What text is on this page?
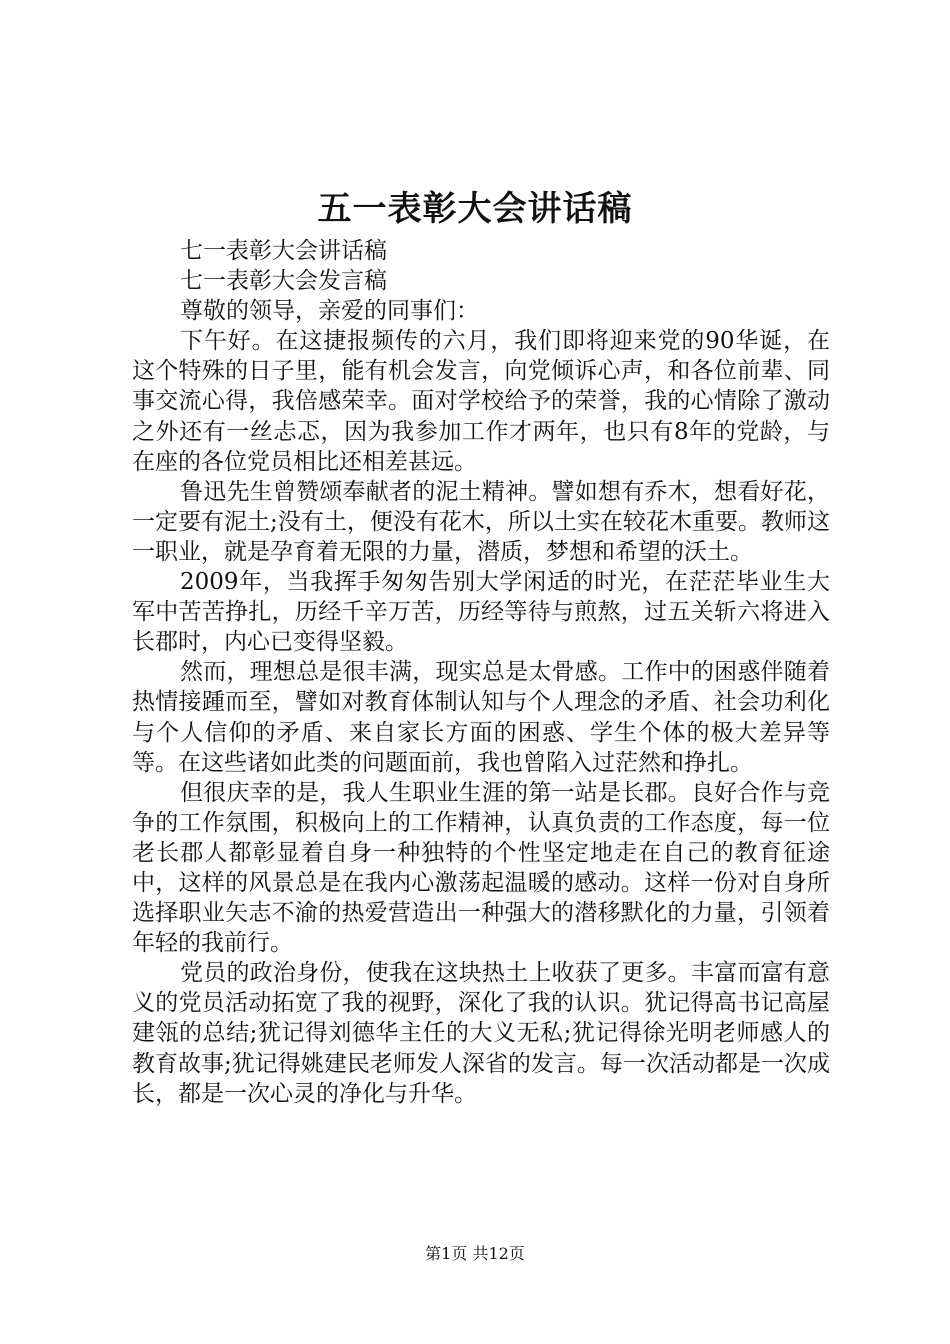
五一表彰大会讲话稿

七一表彰大会讲话稿

七一表彰大会发言稿

尊敬的领导，亲爱的同事们：

下午好。在这捷报频传的六月，我们即将迎来党的90华诞，在这个特殊的日子里，能有机会发言，向党倾诉心声，和各位前辈、同事交流心得，我倍感荣幸。面对学校给予的荣誉，我的心情除了激动之外还有一丝忐忑，因为我参加工作才两年，也只有8年的党龄，与在座的各位党员相比还相差甚远。

鲁迅先生曾赞颂奉献者的泥土精神。譬如想有乔木，想看好花，一定要有泥土;没有土，便没有花木，所以土实在较花木重要。教师这一职业，就是孕育着无限的力量，潜质，梦想和希望的沃土。

2009年，当我挥手匆匆告别大学闲适的时光，在茫茫毕业生大军中苦苦挣扎，历经千辛万苦，历经等待与煎熬，过五关斩六将进入长郡时，内心已变得坚毅。

然而，理想总是很丰满，现实总是太骨感。工作中的困惑伴随着热情接踵而至，譬如对教育体制认知与个人理念的矛盾、社会功利化与个人信仰的矛盾、来自家长方面的困惑、学生个体的极大差异等等。在这些诸如此类的问题面前，我也曾陷入过茫然和挣扎。

但很庆幸的是，我人生职业生涯的第一站是长郡。良好合作与竞争的工作氛围，积极向上的工作精神，认真负责的工作态度，每一位老长郡人都彰显着自身一种独特的个性坚定地走在自己的教育征途中，这样的风景总是在我内心激荡起温暖的感动。这样一份对自身所选择职业矢志不渝的热爱营造出一种强大的潜移默化的力量，引领着年轻的我前行。

党员的政治身份，使我在这块热土上收获了更多。丰富而富有意义的党员活动拓宽了我的视野，深化了我的认识。犹记得高书记高屋建瓴的总结;犹记得刘德华主任的大义无私;犹记得徐光明老师感人的教育故事;犹记得姚建民老师发人深省的发言。每一次活动都是一次成长，都是一次心灵的净化与升华。

第1页 共12页
